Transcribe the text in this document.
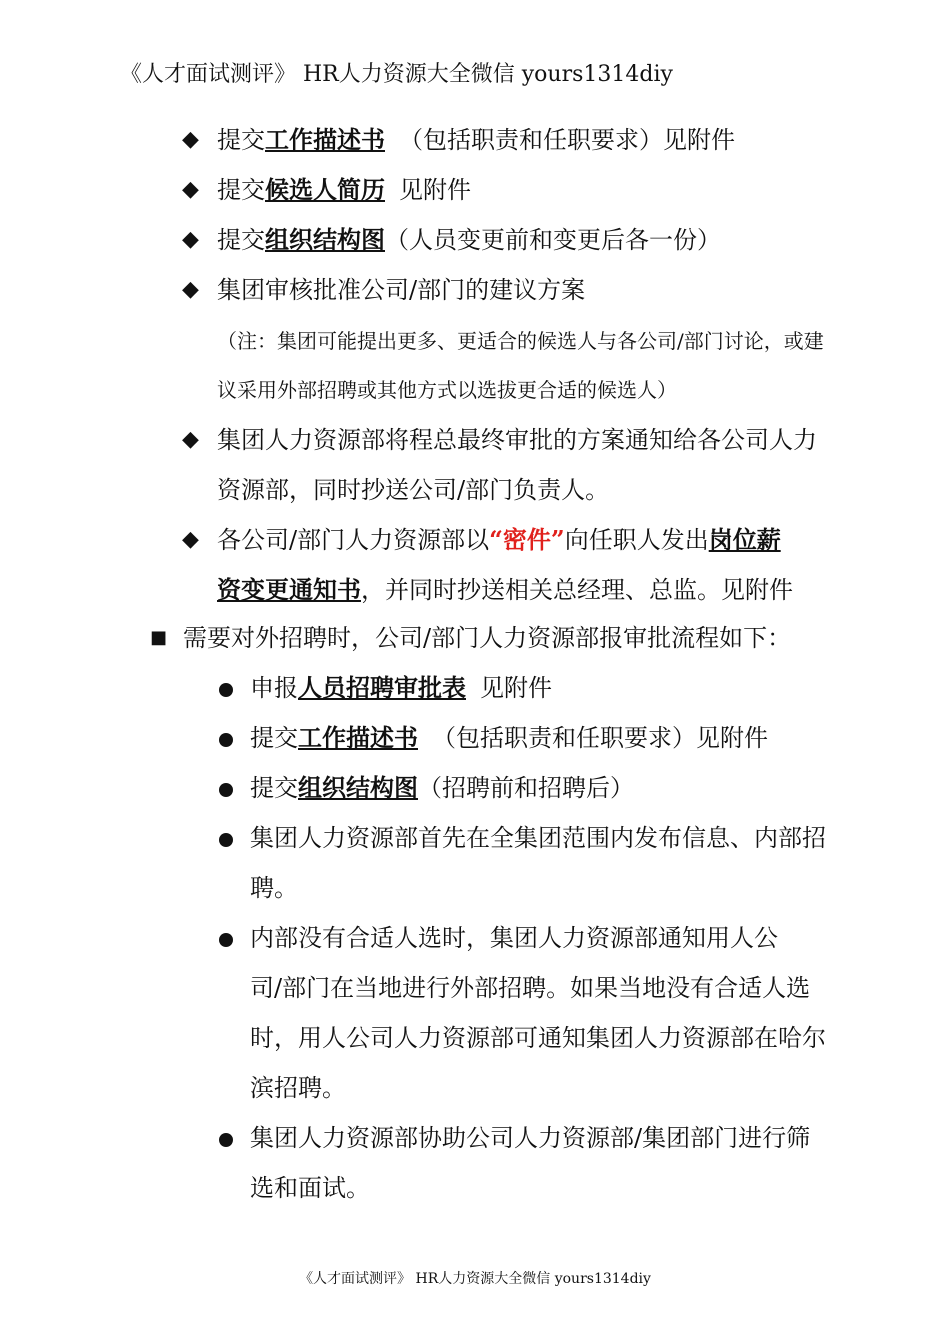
《人才面试测评》 HR人力资源大全微信 yours1314diy
◆ 提交工作描述书 （包括职责和任职要求）见附件
◆ 提交候选人简历 见附件
◆ 提交组织结构图（人员变更前和变更后各一份）
◆ 集团审核批准公司/部门的建议方案
（注：集团可能提出更多、更适合的候选人与各公司/部门讨论，或建
议采用外部招聘或其他方式以选拔更合适的候选人）
◆ 集团人力资源部将程总最终审批的方案通知给各公司人力
资源部，同时抄送公司/部门负责人。
◆ 各公司/部门人力资源部以“密件”向任职人发出岗位薪
资变更通知书，并同时抄送相关总经理、总监。见附件
■ 需要对外招聘时，公司/部门人力资源部报审批流程如下：
申报人员招聘审批表 见附件
提交工作描述书 （包括职责和任职要求）见附件
提交组织结构图（招聘前和招聘后）
集团人力资源部首先在全集团范围内发布信息、内部招
聘。
内部没有合适人选时，集团人力资源部通知用人公
司/部门在当地进行外部招聘。如果当地没有合适人选
时，用人公司人力资源部可通知集团人力资源部在哈尔
滨招聘。
集团人力资源部协助公司人力资源部/集团部门进行筛
选和面试。
《人才面试测评》 HR人力资源大全微信 yours1314diy
